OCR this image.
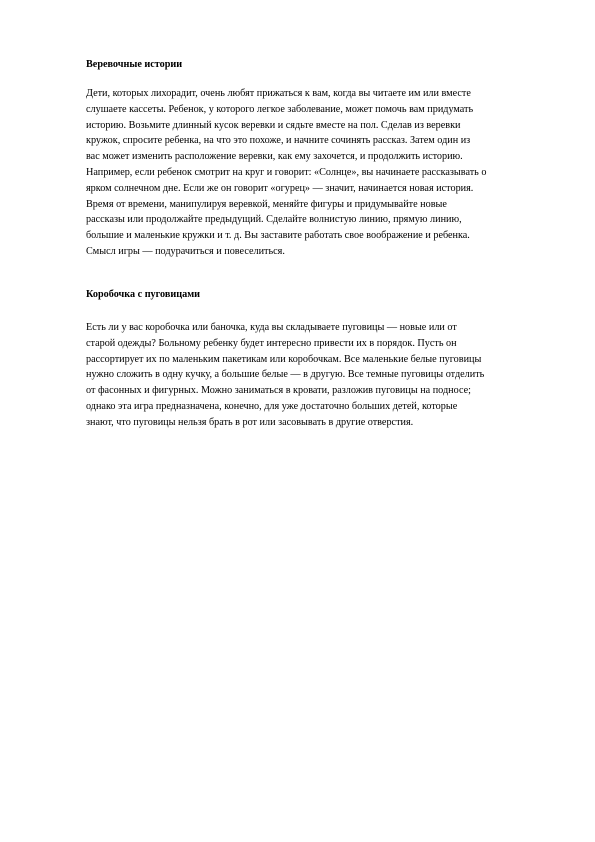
Веревочные истории

Дети, которых лихорадит, очень любят прижаться к вам, когда вы читаете им или вместе
слушаете кассеты. Ребенок, у которого легкое заболевание, может помочь вам придумать
историю. Возьмите длинный кусок веревки и сядьте вместе на пол. Сделав из веревки
кружок, спросите ребенка, на что это похоже, и начните сочинять рассказ. Затем один из
вас может изменить расположение веревки, как ему захочется, и продолжить историю.
Например, если ребенок смотрит на круг и говорит: «Солнце», вы начинаете рассказывать о
ярком солнечном дне. Если же он говорит «огурец» — значит, начинается новая история.
Время от времени, манипулируя веревкой, меняйте фигуры и придумывайте новые
рассказы или продолжайте предыдущий. Сделайте волнистую линию, прямую линию,
большие и маленькие кружки и т. д. Вы заставите работать свое воображение и ребенка.
Смысл игры — подурачиться и повеселиться.

Коробочка с пуговицами

Есть ли у вас коробочка или баночка, куда вы складываете пуговицы — новые или от
старой одежды? Больному ребенку будет интересно привести их в порядок. Пусть он
рассортирует их по маленьким пакетикам или коробочкам. Все маленькие белые пуговицы
нужно сложить в одну кучку, а большие белые — в другую. Все темные пуговицы отделить
от фасонных и фигурных. Можно заниматься в кровати, разложив пуговицы на подносе;
однако эта игра предназначена, конечно, для уже достаточно больших детей, которые
знают, что пуговицы нельзя брать в рот или засовывать в другие отверстия.
